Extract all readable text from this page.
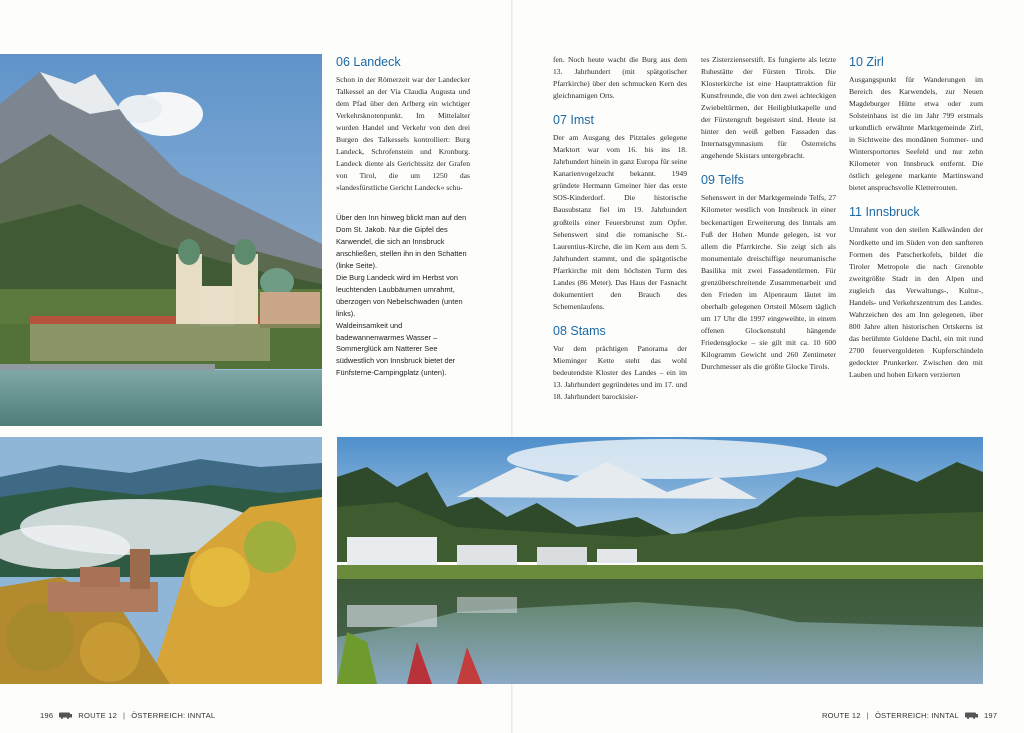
06 Landeck

Schon in der Römerzeit war der Landecker Talkessel an der Via Claudia Augusta und dem Pfad über den Arlberg ein wichtiger Verkehrsknotenpunkt. Im Mittelalter wurden Handel und Verkehr von den drei Burgen des Talkessels kontrolliert: Burg Landeck, Schrofenstein und Kronburg. Landeck diente als Gerichtssitz der Grafen von Tirol, die um 1250 das »landesfürstliche Gericht Landeck« schu-

Über den Inn hinweg blickt man auf den Dom St. Jakob. Nur die Gipfel des Karwendel, die sich an Innsbruck anschließen, stellen ihn in den Schatten (linke Seite).

Die Burg Landeck wird im Herbst von leuchtenden Laubbäumen umrahmt, überzogen von Nebelschwaden (unten links).

Waldeinsamkeit und badewannenwarmes Wasser – Sommerglück am Natterer See südwestlich von Innsbruck bietet der Fünfsterne-Campingplatz (unten).

fen. Noch heute wacht die Burg aus dem 13. Jahrhundert (mit spätgotischer Pfarrkirche) über den schmucken Kern des gleichnamigen Orts.

07 Imst

Der am Ausgang des Pitztales gelegene Marktort war vom 16. bis ins 18. Jahrhundert hinein in ganz Europa für seine Kanarienvogelzucht bekannt. 1949 gründete Hermann Gmeiner hier das erste SOS-Kinderdorf. Die historische Bausubstanz fiel im 19. Jahrhundert großteils einer Feuersbrunst zum Opfer. Sehenswert sind die romanische St.-Laurentius-Kirche, die im Kern aus dem 5. Jahrhundert stammt, und die spätgotische Pfarrkirche mit dem höchsten Turm des Landes (86 Meter). Das Haus der Fasnacht dokumentiert den Brauch des Schemenlaufens.

08 Stams

Vor dem prächtigen Panorama der Mieminger Kette steht das wohl bedeutendste Kloster des Landes – ein im 13. Jahrhundert gegründetes und im 17. und 18. Jahrhundert barockisier-

tes Zisterzienserstift. Es fungierte als letzte Ruhestätte der Fürsten Tirols. Die Klosterkirche ist eine Hauptattraktion für Kunstfreunde, die von den zwei achteckigen Zwiebeltürmen, der Heiligblutkapelle und der Fürstengruft begeistert sind. Heute ist hinter den weiß gelben Fassaden das Internatsgymnasium für Österreichs angehende Skistars untergebracht.

09 Telfs

Sehenswert in der Marktgemeinde Telfs, 27 Kilometer westlich von Innsbruck in einer beckenartigen Erweiterung des Inntals am Fuß der Hohen Munde gelegen, ist vor allem die Pfarrkirche. Sie zeigt sich als monumentale dreischiffige neuromanische Basilika mit zwei Fassadentürmen. Für grenzüberschreitende Zusammenarbeit und den Frieden im Alpenraum läutet im oberhalb gelegenen Ortsteil Mösern täglich um 17 Uhr die 1997 eingeweihte, in einem offenen Glockenstuhl hängende Friedensglocke – sie gilt mit ca. 10 600 Kilogramm Gewicht und 260 Zentimeter Durchmesser als die größte Glocke Tirols.

10 Zirl

Ausgangspunkt für Wanderungen im Bereich des Karwendels, zur Neuen Magdeburger Hütte etwa oder zum Solsteinhaus ist die im Jahr 799 erstmals urkundlich erwähnte Marktgemeinde Zirl, in Sichtweite des mondänen Sommer- und Wintersportortes Seefeld und nur zehn Kilometer von Innsbruck entfernt. Die östlich gelegene markante Martinswand bietet anspruchsvolle Kletterrouten.

11 Innsbruck

Umrahmt von den steilen Kalkwänden der Nordkette und im Süden von den sanfteren Formen des Patscherkofels, bildet die Tiroler Metropole die nach Grenoble zweitgrößte Stadt in den Alpen und zugleich das Verwaltungs-, Kultur-, Handels- und Verkehrszentrum des Landes. Wahrzeichen des am Inn gelegenen, über 800 Jahre alten historischen Ortskerns ist das berühmte Goldene Dachl, ein mit rund 2700 feuervergoldeten Kupferschindeln gedeckter Prunkerker. Zwischen den mit Lauben und hohen Erkern verzierten

196	ROUTE 12 | ÖSTERREICH: INNTAL	ROUTE 12 | ÖSTERREICH: INNTAL	197
